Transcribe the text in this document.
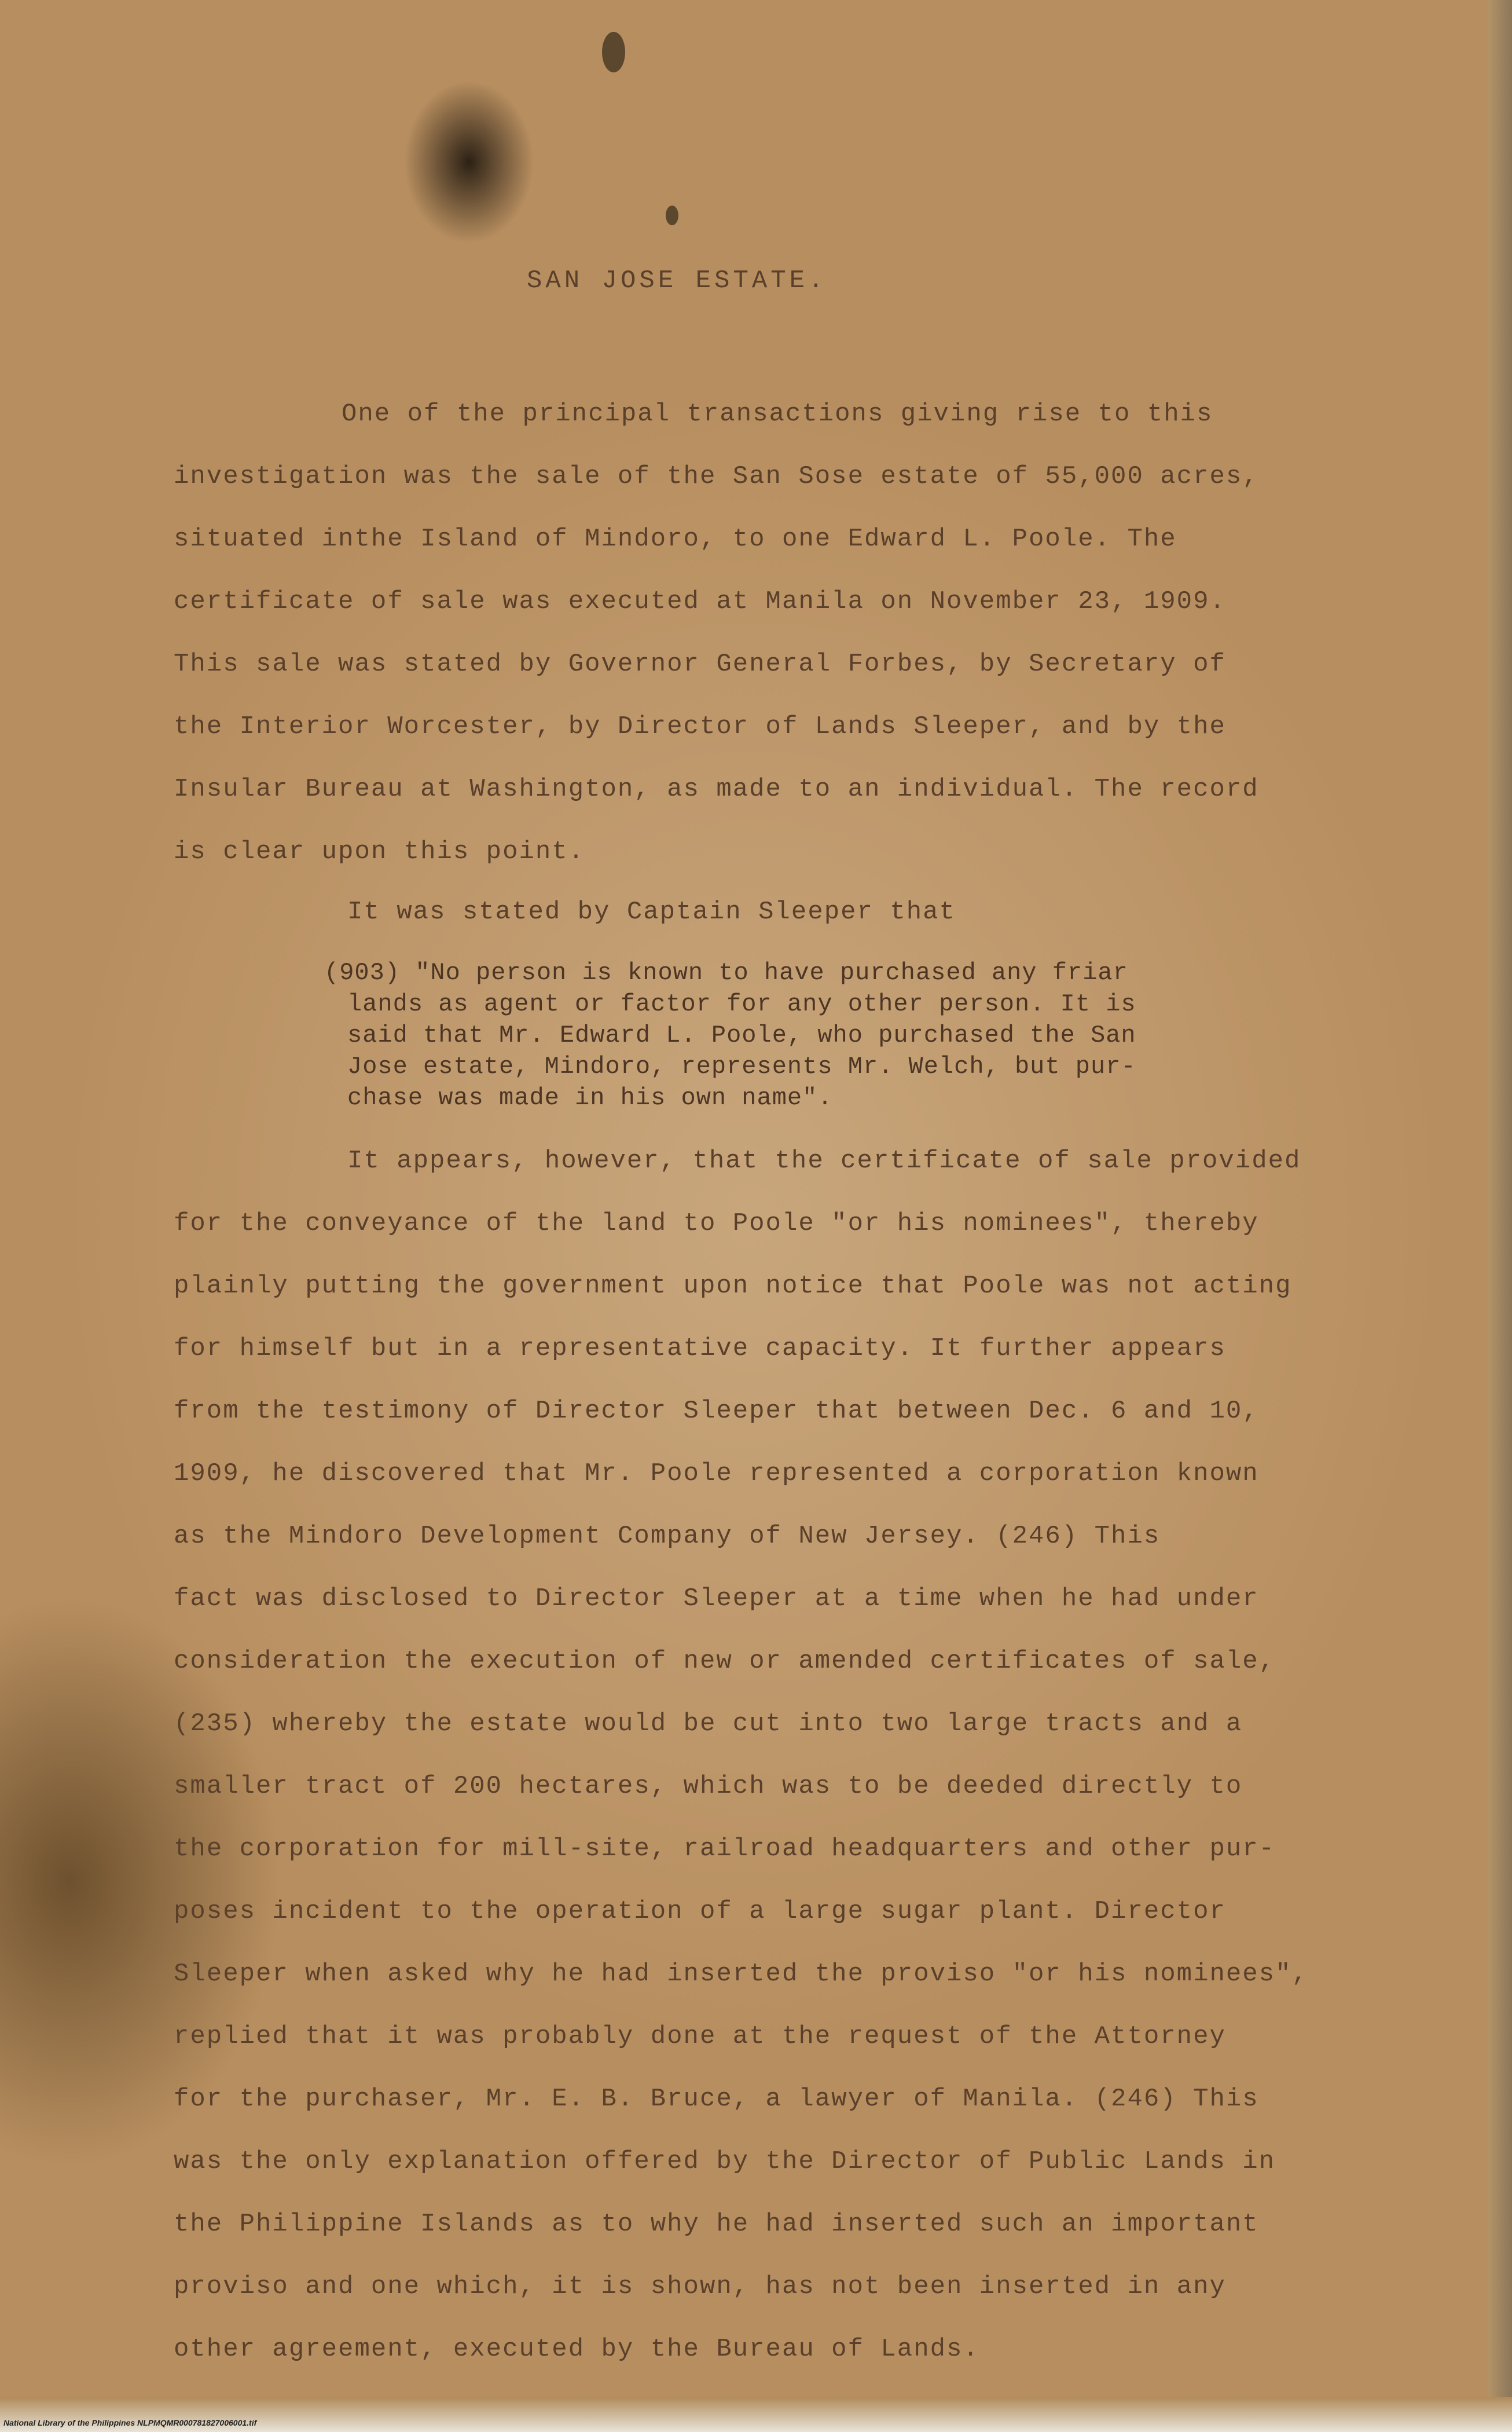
SAN JOSE ESTATE.
One of the principal transactions giving rise to this
investigation was the sale of the San Sose estate of 55,000 acres,
situated inthe Island of Mindoro, to one Edward L. Poole. The
certificate of sale was executed at Manila on November 23, 1909.
This sale was stated by Governor General Forbes, by Secretary of
the Interior Worcester, by Director of Lands Sleeper, and by the
Insular Bureau at Washington, as made to an individual. The record
is clear upon this point.
It was stated by Captain Sleeper that
(903) "No person is known to have purchased any friar
lands as agent or factor for any other person. It is
said that Mr. Edward L. Poole, who purchased the San
Jose estate, Mindoro, represents Mr. Welch, but pur-
chase was made in his own name".
It appears, however, that the certificate of sale provided
for the conveyance of the land to Poole "or his nominees", thereby
plainly putting the government upon notice that Poole was not acting
for himself but in a representative capacity. It further appears
from the testimony of Director Sleeper that between Dec. 6 and 10,
1909, he discovered that Mr. Poole represented a corporation known
as the Mindoro Development Company of New Jersey. (246) This
fact was disclosed to Director Sleeper at a time when he had under
consideration the execution of new or amended certificates of sale,
(235) whereby the estate would be cut into two large tracts and a
smaller tract of 200 hectares, which was to be deeded directly to
the corporation for mill-site, railroad headquarters and other pur-
poses incident to the operation of a large sugar plant. Director
Sleeper when asked why he had inserted the proviso "or his nominees",
replied that it was probably done at the request of the Attorney
for the purchaser, Mr. E. B. Bruce, a lawyer of Manila. (246) This
was the only explanation offered by the Director of Public Lands in
the Philippine Islands as to why he had inserted such an important
proviso and one which, it is shown, has not been inserted in any
other agreement, executed by the Bureau of Lands.
National Library of the Philippines NLPMQMR000781827006001.tif
